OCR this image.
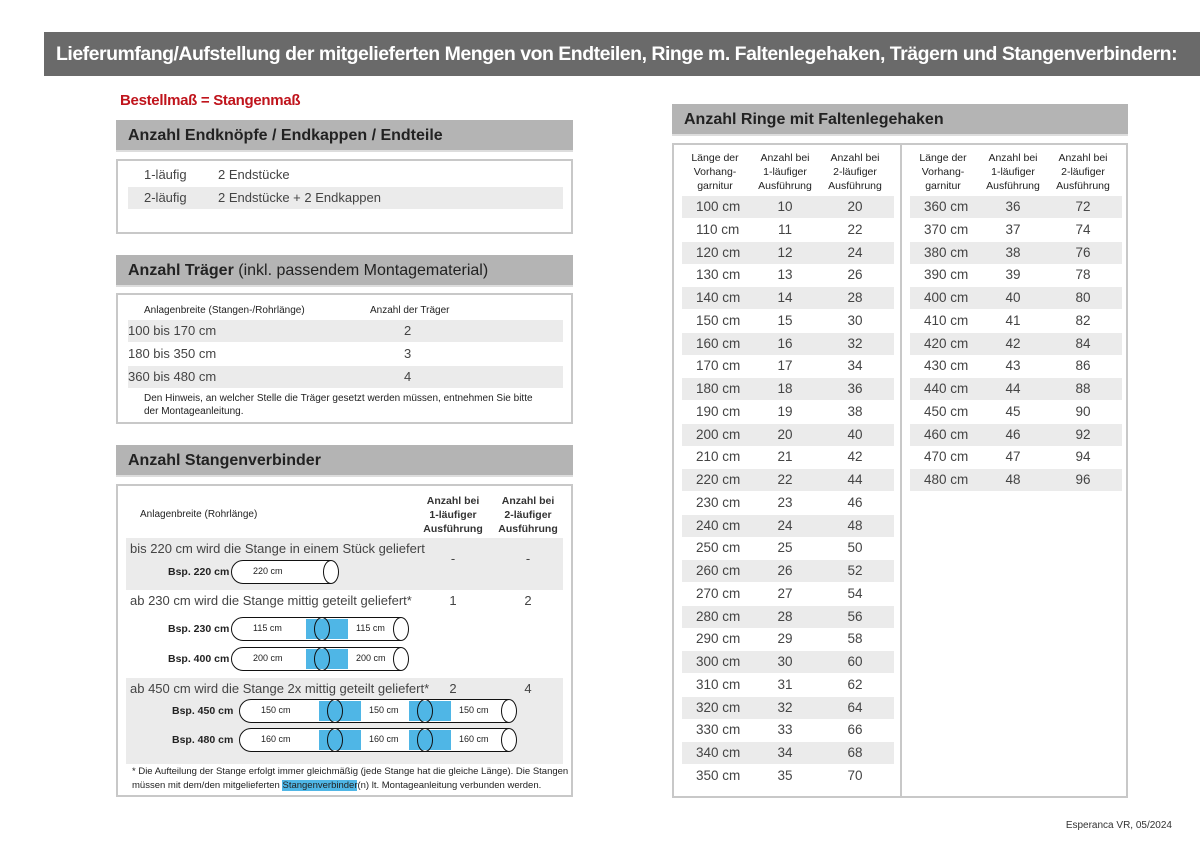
Lieferumfang/Aufstellung der mitgelieferten Mengen von Endteilen, Ringe m. Faltenlegehaken, Trägern und Stangenverbindern:
Bestellmaß = Stangenmaß
Anzahl Endknöpfe / Endkappen / Endteile
1-läufig 2 Endstücke
2-läufig 2 Endstücke + 2 Endkappen
Anzahl Träger (inkl. passendem Montagematerial)
Anlagenbreite (Stangen-/Rohrlänge)	Anzahl der Träger
Den Hinweis, an welcher Stelle die Träger gesetzt werden müssen, entnehmen Sie bitte
der Montageanleitung.
100 bis 170 cm	2
180 bis 350 cm	3
360 bis 480 cm	4
Anzahl Stangenverbinder
Anlagenbreite (Rohrlänge)
Anzahl bei
1-läufiger
Ausführung
Anzahl bei
2-läufiger
Ausführung
* Die Aufteilung der Stange erfolgt immer gleichmäßig (jede Stange hat die gleiche Länge). Die Stangen
müssen mit dem/den mitgelieferten Stangenverbinder(n) lt. Montageanleitung verbunden werden.
bis 220 cm wird die Stange in einem Stück geliefert
-	-
Bsp. 220 cm	220 cm
ab 230 cm wird die Stange mittig geteilt geliefert*	1	2
Bsp. 230 cm	115 cm	115 cm
Bsp. 400 cm	200 cm	200 cm
ab 450 cm wird die Stange 2x mittig geteilt geliefert* 2	4
Bsp. 450 cm	150 cm	150 cm	150 cm
Bsp. 480 cm	160 cm	160 cm	160 cm
Anzahl Ringe mit Faltenlegehaken
Länge der
Vorhang-
garnitur
Anzahl bei
1-läufiger
Ausführung
Anzahl bei
2-läufiger
Ausführung
100 cm	10	20
110 cm	11	22
120 cm	12	24
130 cm	13	26
140 cm	14	28
150 cm	15	30
160 cm	16	32
170 cm	17	34
180 cm	18	36
190 cm	19	38
200 cm	20	40
210 cm	21	42
220 cm	22	44
230 cm	23	46
240 cm	24	48
250 cm	25	50
260 cm	26	52
270 cm	27	54
280 cm	28	56
290 cm	29	58
300 cm	30	60
310 cm	31	62
320 cm	32	64
330 cm	33	66
340 cm	34	68
350 cm	35	70
Länge der
Vorhang-
garnitur
Anzahl bei
1-läufiger
Ausführung
Anzahl bei
2-läufiger
Ausführung
360 cm	36	72
370 cm	37	74
380 cm	38	76
390 cm	39	78
400 cm	40	80
410 cm	41	82
420 cm	42	84
430 cm	43	86
440 cm	44	88
450 cm	45	90
460 cm	46	92
470 cm	47	94
480 cm	48	96
Esperanca VR, 05/2024
